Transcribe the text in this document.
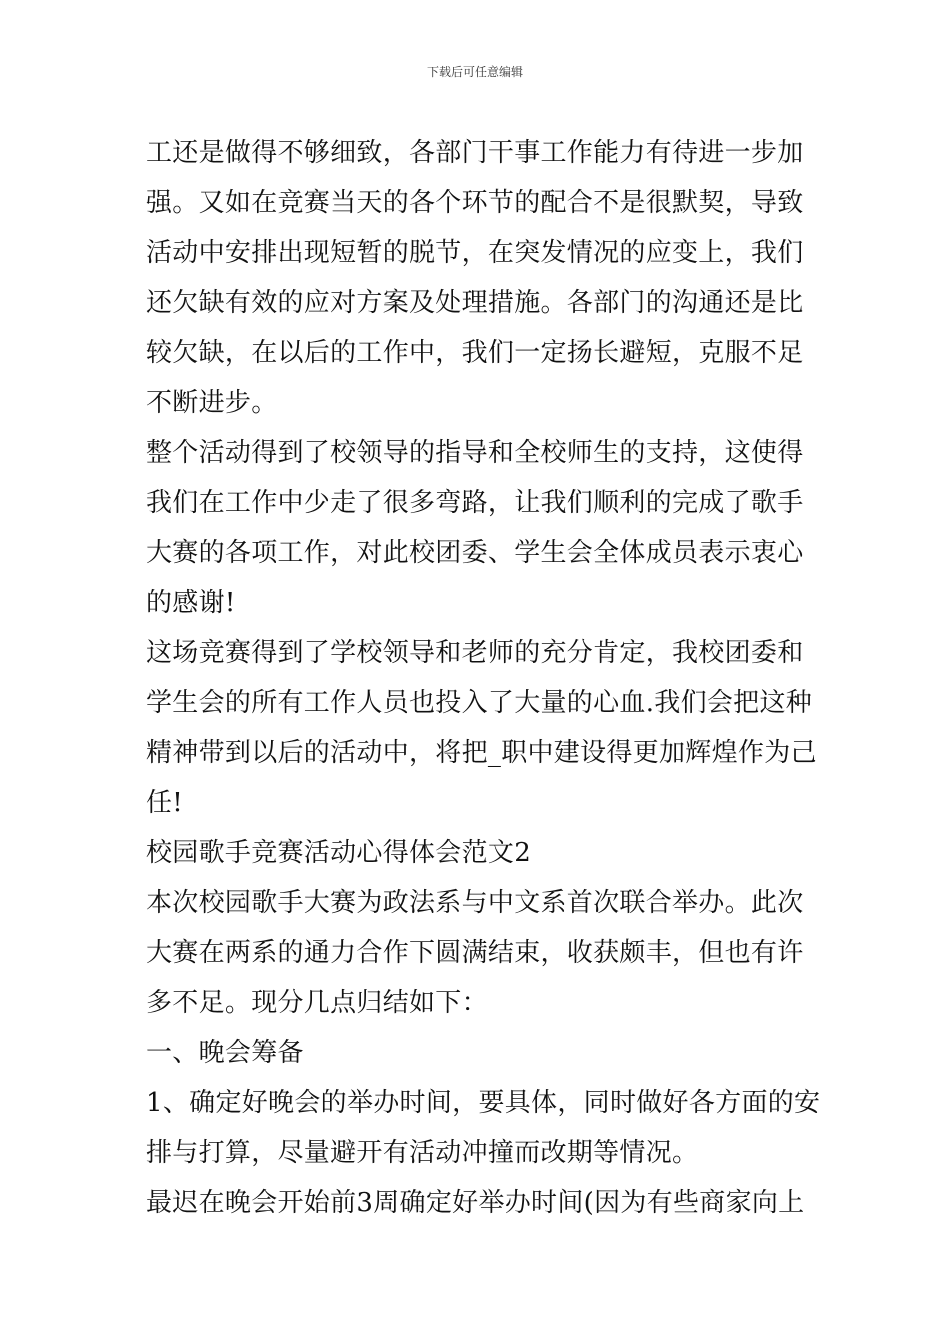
下载后可任意编辑
工还是做得不够细致，各部门干事工作能力有待进一步加
强。又如在竞赛当天的各个环节的配合不是很默契，导致
活动中安排出现短暂的脱节，在突发情况的应变上，我们
还欠缺有效的应对方案及处理措施。各部门的沟通还是比
较欠缺，在以后的工作中，我们一定扬长避短，克服不足
不断进步。
整个活动得到了校领导的指导和全校师生的支持，这使得
我们在工作中少走了很多弯路，让我们顺利的完成了歌手
大赛的各项工作，对此校团委、学生会全体成员表示衷心
的感谢!
这场竞赛得到了学校领导和老师的充分肯定，我校团委和
学生会的所有工作人员也投入了大量的心血.我们会把这种
精神带到以后的活动中，将把_职中建设得更加辉煌作为己
任!
校园歌手竞赛活动心得体会范文2
本次校园歌手大赛为政法系与中文系首次联合举办。此次
大赛在两系的通力合作下圆满结束，收获颇丰，但也有许
多不足。现分几点归结如下：
一、晚会筹备
1、确定好晚会的举办时间，要具体，同时做好各方面的安
排与打算，尽量避开有活动冲撞而改期等情况。
最迟在晚会开始前3周确定好举办时间(因为有些商家向上
